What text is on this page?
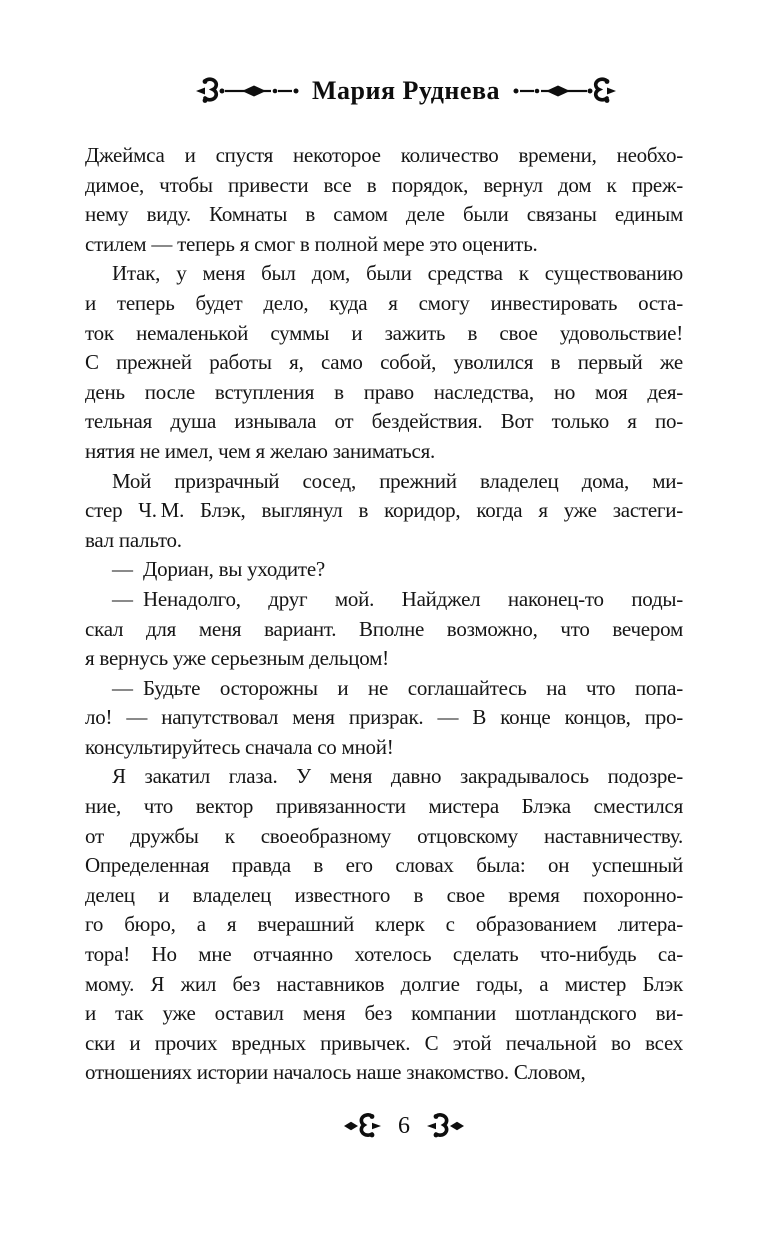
Мария Руднева
Джеймса и спустя некоторое количество времени, необхо-
димое, чтобы привести все в порядок, вернул дом к преж-
нему виду. Комнаты в самом деле были связаны единым
стилем — теперь я смог в полной мере это оценить.
Итак, у меня был дом, были средства к существованию
и теперь будет дело, куда я смогу инвестировать оста-
ток немаленькой суммы и зажить в свое удовольствие!
С прежней работы я, само собой, уволился в первый же
день после вступления в право наследства, но моя дея-
тельная душа изнывала от бездействия. Вот только я по-
нятия не имел, чем я желаю заниматься.
Мой призрачный сосед, прежний владелец дома, ми-
стер Ч. М. Блэк, выглянул в коридор, когда я уже застеги-
вал пальто.
— Дориан, вы уходите?
— Ненадолго, друг мой. Найджел наконец-то поды-
скал для меня вариант. Вполне возможно, что вечером
я вернусь уже серьезным дельцом!
— Будьте осторожны и не соглашайтесь на что попа-
ло! — напутствовал меня призрак. — В конце концов, про-
консультируйтесь сначала со мной!
Я закатил глаза. У меня давно закрадывалось подозре-
ние, что вектор привязанности мистера Блэка сместился
от дружбы к своеобразному отцовскому наставничеству.
Определенная правда в его словах была: он успешный
делец и владелец известного в свое время похоронно-
го бюро, а я вчерашний клерк с образованием литера-
тора! Но мне отчаянно хотелось сделать что-нибудь са-
мому. Я жил без наставников долгие годы, а мистер Блэк
и так уже оставил меня без компании шотландского ви-
ски и прочих вредных привычек. С этой печальной во всех
отношениях истории началось наше знакомство. Словом,
6
